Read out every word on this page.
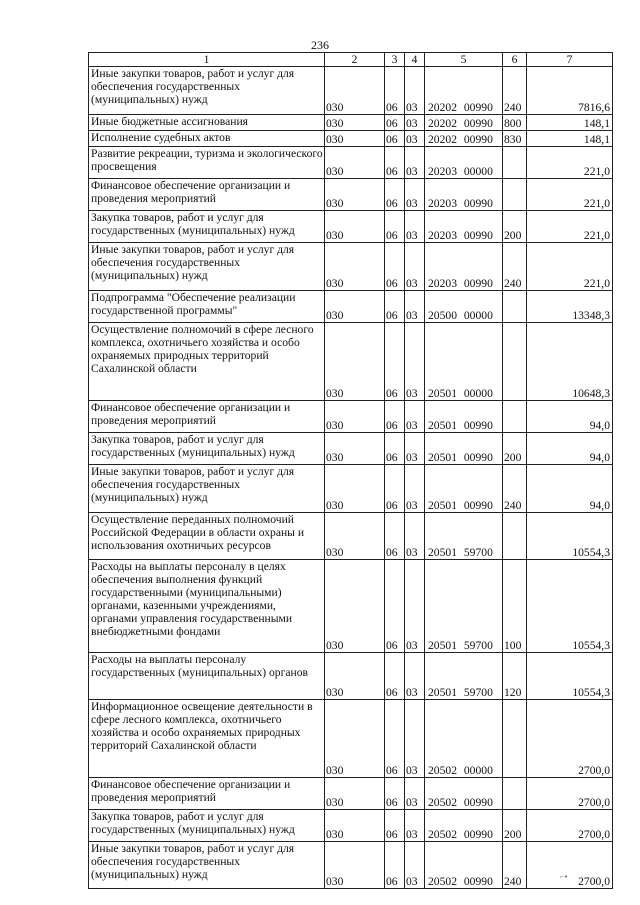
236
1	2	3	4	5	6	7
Иные закупки товаров, работ и услуг для обеспечения государственных (муниципальных) нужд	030	06	03	20202 00990	240	7816,6
Иные бюджетные ассигнования	030	06	03	20202 00990	800	148,1
Исполнение судебных актов	030	06	03	20202 00990	830	148,1
Развитие рекреации, туризма и экологического просвещения	030	06	03	20203 00000		221,0
Финансовое обеспечение организации и проведения мероприятий	030	06	03	20203 00990		221,0
Закупка товаров, работ и услуг для государственных (муниципальных) нужд	030	06	03	20203 00990	200	221,0
Иные закупки товаров, работ и услуг для обеспечения государственных (муниципальных) нужд	030	06	03	20203 00990	240	221,0
Подпрограмма "Обеспечение реализации государственной программы"	030	06	03	20500 00000		13348,3
Осуществление полномочий в сфере лесного комплекса, охотничьего хозяйства и особо охраняемых природных территорий Сахалинской области	030	06	03	20501 00000		10648,3
Финансовое обеспечение организации и проведения мероприятий	030	06	03	20501 00990		94,0
Закупка товаров, работ и услуг для государственных (муниципальных) нужд	030	06	03	20501 00990	200	94,0
Иные закупки товаров, работ и услуг для обеспечения государственных (муниципальных) нужд	030	06	03	20501 00990	240	94,0
Осуществление переданных полномочий Российской Федерации в области охраны и использования охотничьих ресурсов	030	06	03	20501 59700		10554,3
Расходы на выплаты персоналу в целях обеспечения выполнения функций государственными (муниципальными) органами, казенными учреждениями, органами управления государственными внебюджетными фондами	030	06	03	20501 59700	100	10554,3
Расходы на выплаты персоналу государственных (муниципальных) органов	030	06	03	20501 59700	120	10554,3
Информационное освещение деятельности в сфере лесного комплекса, охотничьего хозяйства и особо охраняемых природных территорий Сахалинской области	030	06	03	20502 00000		2700,0
Финансовое обеспечение организации и проведения мероприятий	030	06	03	20502 00990		2700,0
Закупка товаров, работ и услуг для государственных (муниципальных) нужд	030	06	03	20502 00990	200	2700,0
Иные закупки товаров, работ и услуг для обеспечения государственных (муниципальных) нужд	030	06	03	20502 00990	240	2700,0
⌐▪
